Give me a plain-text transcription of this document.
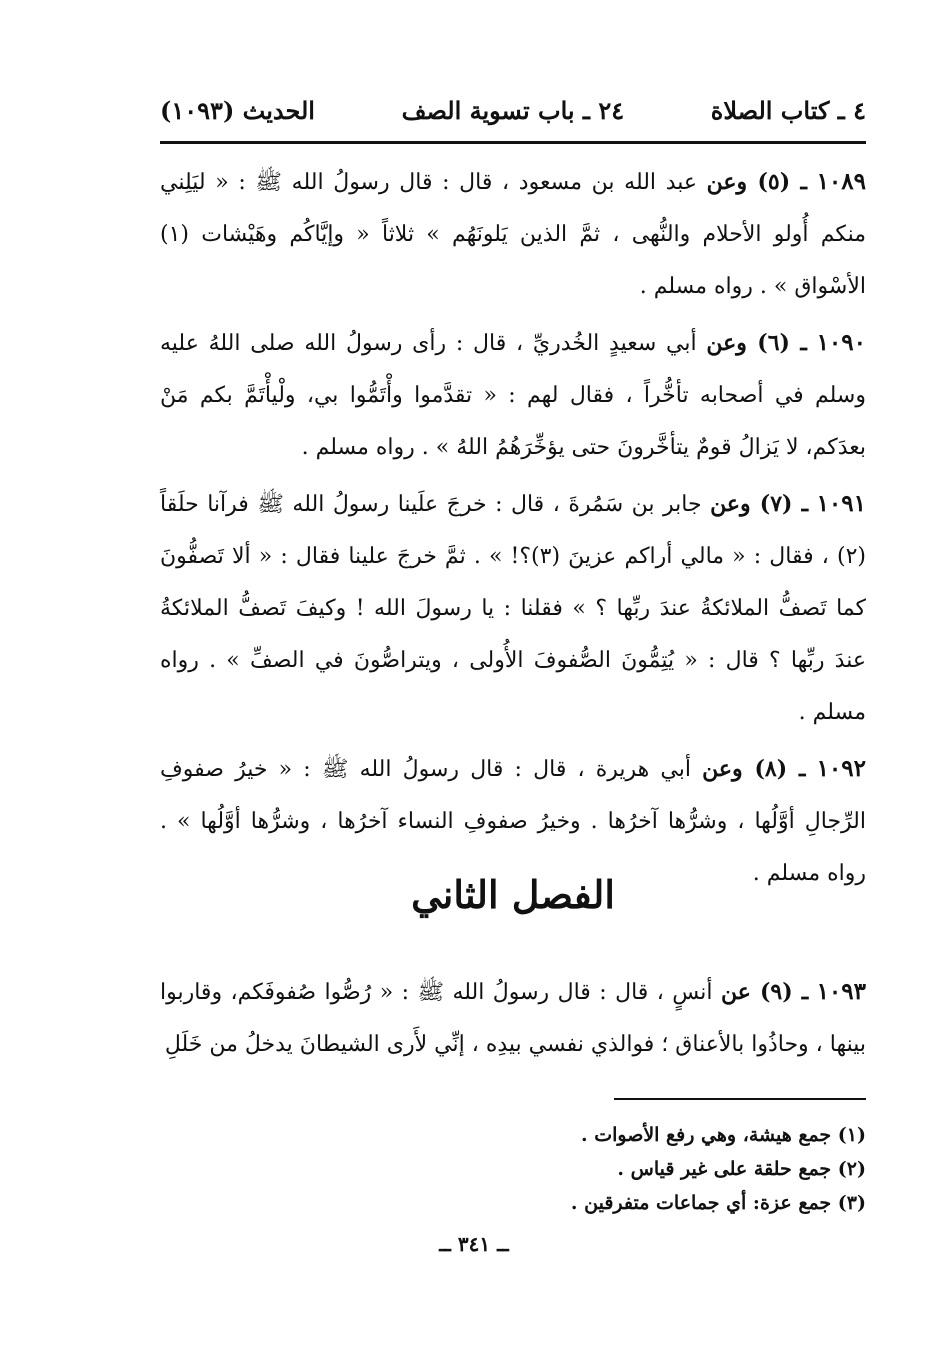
٤ ـ كتاب الصلاة
٢٤ ـ باب تسوية الصف
الحديث (١٠٩٣)

١٠٨٩ ـ (٥) وعن عبد الله بن مسعود ، قال : قال رسولُ الله ﷺ : « ليَلِني منكم أُولو الأحلام والنُّهى ، ثمَّ الذين يَلونَهُم » ثلاثاً « وإيَّاكُم وهَيْشات (١) الأسْواق » . رواه مسلم .

١٠٩٠ ـ (٦) وعن أبي سعيدٍ الخُدريِّ ، قال : رأى رسولُ الله صلى اللهُ عليه وسلم في أصحابه تأخُّراً ، فقال لهم : « تقدَّموا وأْتَمُّوا بي، ولْيأْتَمَّ بكم مَنْ بعدَكم، لا يَزالُ قومٌ يتأخَّرونَ حتى يؤخِّرَهُمُ اللهُ » . رواه مسلم .

١٠٩١ ـ (٧) وعن جابر بن سَمُرةَ ، قال : خرجَ علَينا رسولُ الله ﷺ فرآنا حلَقاً (٢) ، فقال : « مالي أراكم عزينَ (٣)؟! » . ثمَّ خرجَ علينا فقال : « ألا تَصفُّونَ كما تَصفُّ الملائكةُ عندَ ربِّها ؟ » فقلنا : يا رسولَ الله ! وكيفَ تَصفُّ الملائكةُ عندَ ربِّها ؟ قال : « يُتِمُّونَ الصُّفوفَ الأُولى ، ويتراصُّونَ في الصفِّ » . رواه مسلم .

١٠٩٢ ـ (٨) وعن أبي هريرة ، قال : قال رسولُ الله ﷺ : « خيرُ صفوفِ الرِّجالِ أوَّلُها ، وشرُّها آخرُها . وخيرُ صفوفِ النساء آخرُها ، وشرُّها أوَّلُها » . رواه مسلم .

الفصل الثاني

١٠٩٣ ـ (٩) عن أنسٍ ، قال : قال رسولُ الله ﷺ : « رُصُّوا صُفوفَكم، وقاربوا بينها ، وحاذُوا بالأعناق ؛ فوالذي نفسي بيدِه ، إنِّي لأَرى الشيطانَ يدخلُ من خَلَلِ

(١) جمع هيشة، وهي رفع الأصوات .
(٢) جمع حلقة على غير قياس .
(٣) جمع عزة: أي جماعات متفرقين .
ــ ٣٤١ ــ
